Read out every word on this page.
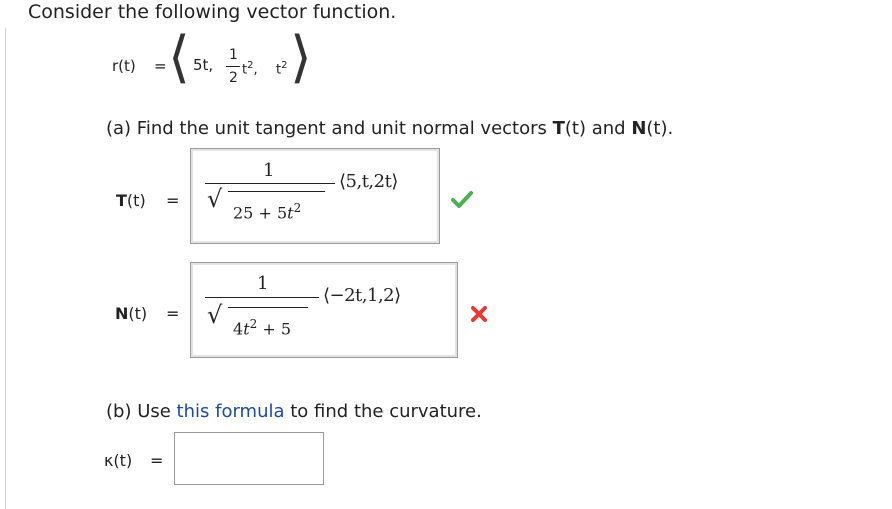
Consider the following vector function.
r(t) = ⟨ 5t,
1
2
$t^2$, $t^2$ ⟩
(a) Find the unit tangent and unit normal vectors T(t) and N(t).
T(t) =
1
√ $25 + 5t^2$
⟨5,t,2t⟩
N(t) =
1
√ $4t^2 + 5$
⟨−2t,1,2⟩
(b) Use this formula to find the curvature.
κ(t) =
